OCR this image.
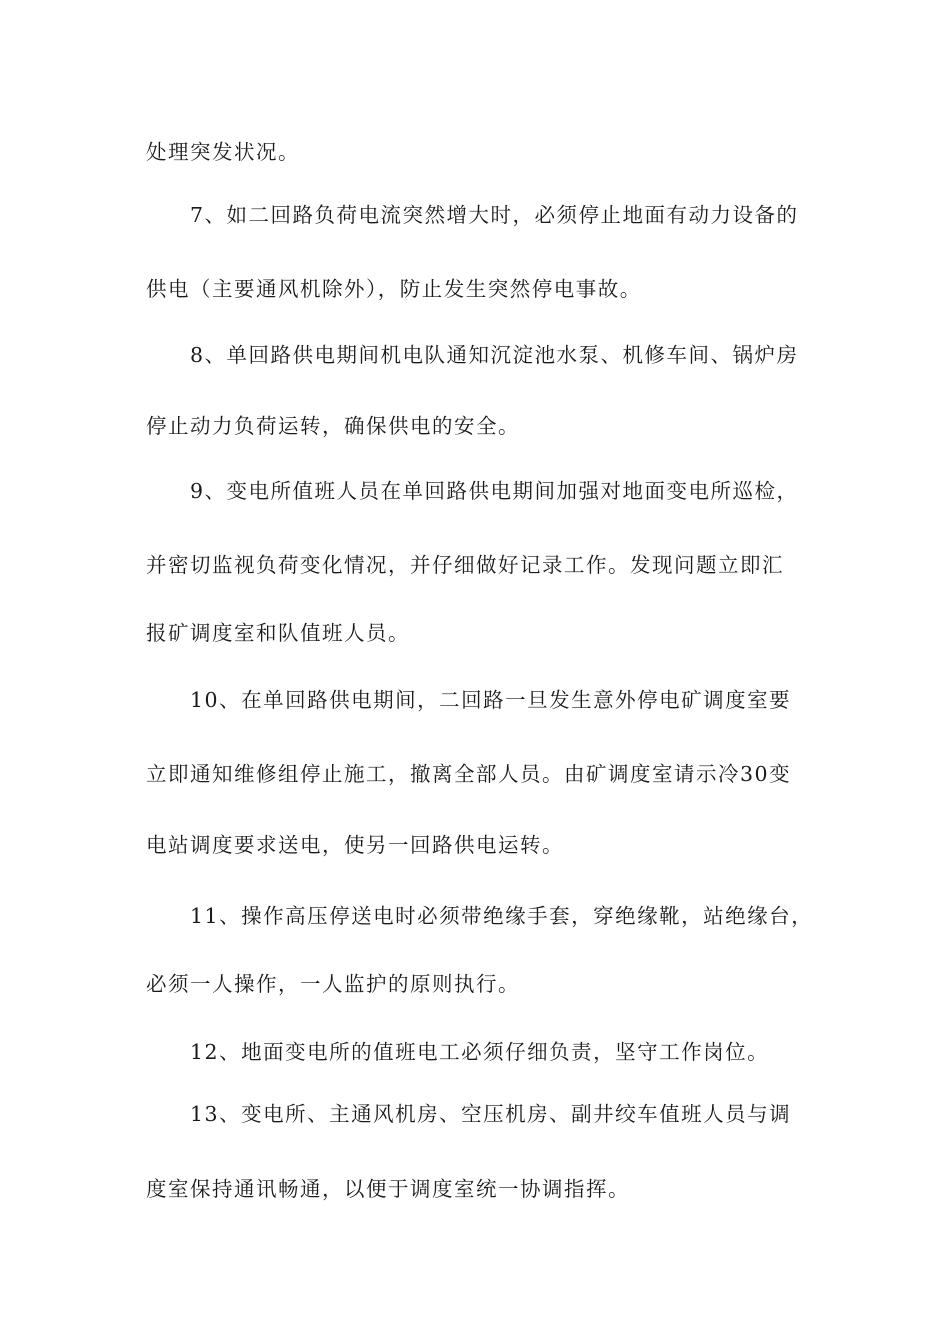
处理突发状况。
7、如二回路负荷电流突然增大时，必须停止地面有动力设备的
供电（主要通风机除外），防止发生突然停电事故。
8、单回路供电期间机电队通知沉淀池水泵、机修车间、锅炉房
停止动力负荷运转，确保供电的安全。
9、变电所值班人员在单回路供电期间加强对地面变电所巡检，
并密切监视负荷变化情况，并仔细做好记录工作。发现问题立即汇
报矿调度室和队值班人员。
10、在单回路供电期间，二回路一旦发生意外停电矿调度室要
立即通知维修组停止施工，撤离全部人员。由矿调度室请示冷30变
电站调度要求送电，使另一回路供电运转。
11、操作高压停送电时必须带绝缘手套，穿绝缘靴，站绝缘台，
必须一人操作，一人监护的原则执行。
12、地面变电所的值班电工必须仔细负责，坚守工作岗位。
13、变电所、主通风机房、空压机房、副井绞车值班人员与调
度室保持通讯畅通，以便于调度室统一协调指挥。
